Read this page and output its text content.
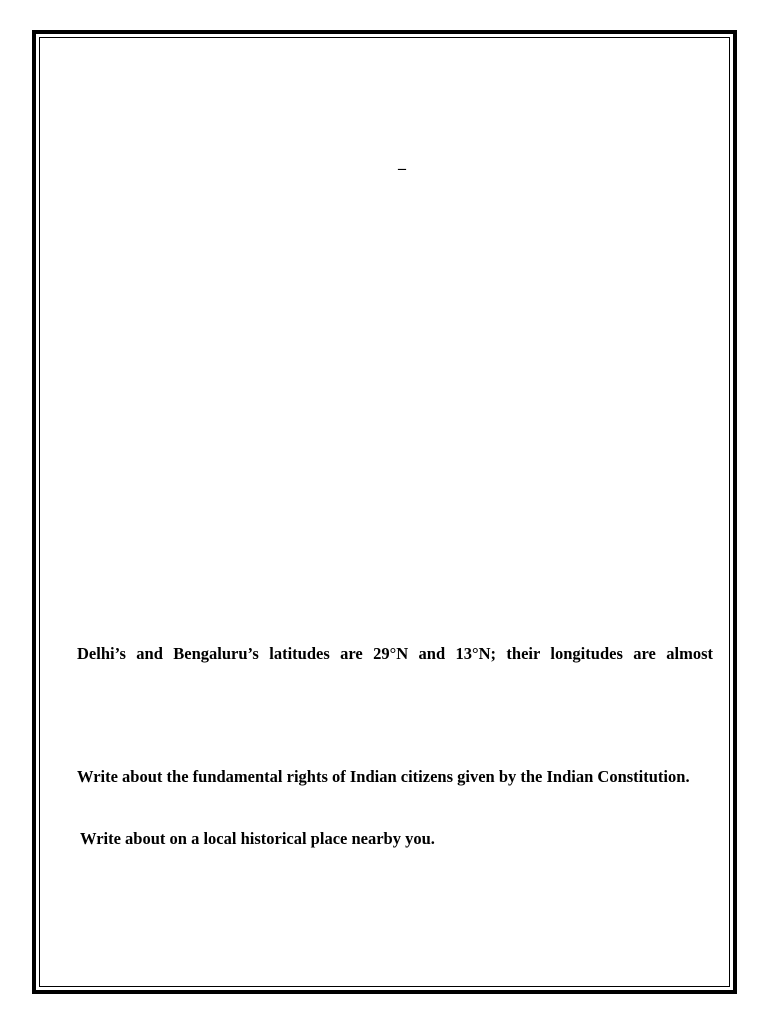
–
Delhi’s and Bengaluru’s latitudes are 29°N and 13°N; their longitudes are almost
Write about the fundamental rights of Indian citizens given by the Indian Constitution.
Write about on a local historical place nearby you.
